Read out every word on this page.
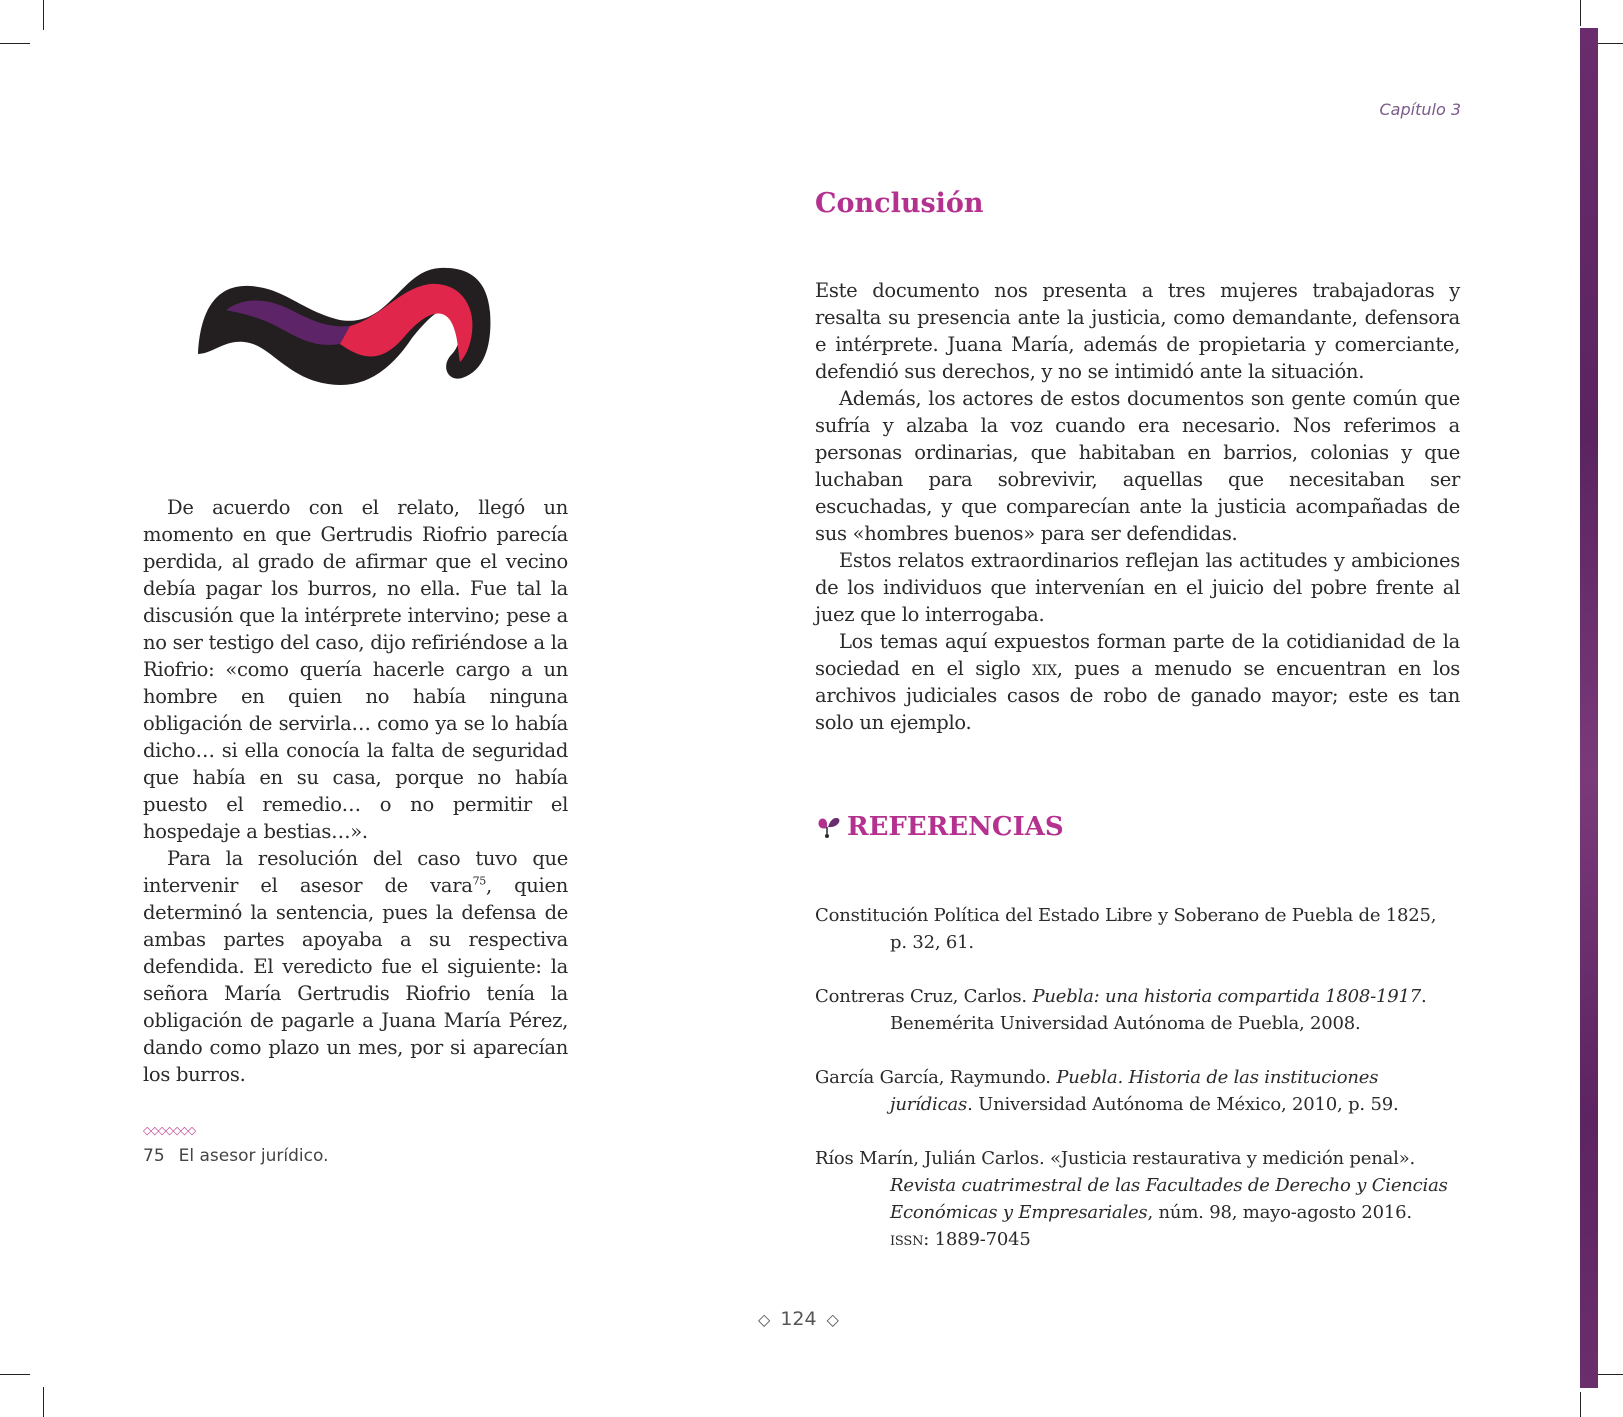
Capítulo 3

De acuerdo con el relato, llegó un momento en que Gertrudis Riofrio parecía perdida, al grado de afirmar que el vecino debía pagar los burros, no ella. Fue tal la discusión que la intérprete intervino; pese a no ser testigo del caso, dijo refiriéndose a la Riofrio: «como quería hacerle cargo a un hombre en quien no había ninguna obligación de servirla… como ya se lo había dicho… si ella conocía la falta de seguridad que había en su casa, porque no había puesto el remedio… o no permitir el hospedaje a bestias…».

Para la resolución del caso tuvo que intervenir el asesor de vara$^{75}$, quien determinó la sentencia, pues la defensa de ambas partes apoyaba a su respectiva defendida. El veredicto fue el siguiente: la señora María Gertrudis Riofrio tenía la obligación de pagarle a Juana María Pérez, dando como plazo un mes, por si aparecían los burros.

◇◇◇◇◇◇◇
75 El asesor jurídico.
Conclusión

Este documento nos presenta a tres mujeres trabajadoras y resalta su presencia ante la justicia, como demandante, defensora e intérprete. Juana María, además de propietaria y comerciante, defendió sus derechos, y no se intimidó ante la situación.

Además, los actores de estos documentos son gente común que sufría y alzaba la voz cuando era necesario. Nos referimos a personas ordinarias, que habitaban en barrios, colonias y que luchaban para sobrevivir, aquellas que necesitaban ser escuchadas, y que comparecían ante la justicia acompañadas de sus «hombres buenos» para ser defendidas.

Estos relatos extraordinarios reflejan las actitudes y ambiciones de los individuos que intervenían en el juicio del pobre frente al juez que lo interrogaba.

Los temas aquí expuestos forman parte de la cotidianidad de la sociedad en el siglo xix, pues a menudo se encuentran en los archivos judiciales casos de robo de ganado mayor; este es tan solo un ejemplo.

REFERENCIAS

Constitución Política del Estado Libre y Soberano de Puebla de 1825, p. 32, 61.

Contreras Cruz, Carlos. Puebla: una historia compartida 1808-1917. Benemérita Universidad Autónoma de Puebla, 2008.

García García, Raymundo. Puebla. Historia de las instituciones jurídicas. Universidad Autónoma de México, 2010, p. 59.

Ríos Marín, Julián Carlos. «Justicia restaurativa y medición penal». Revista cuatrimestral de las Facultades de Derecho y Ciencias Económicas y Empresariales, núm. 98, mayo-agosto 2016. issn: 1889-7045

◇ 124 ◇
